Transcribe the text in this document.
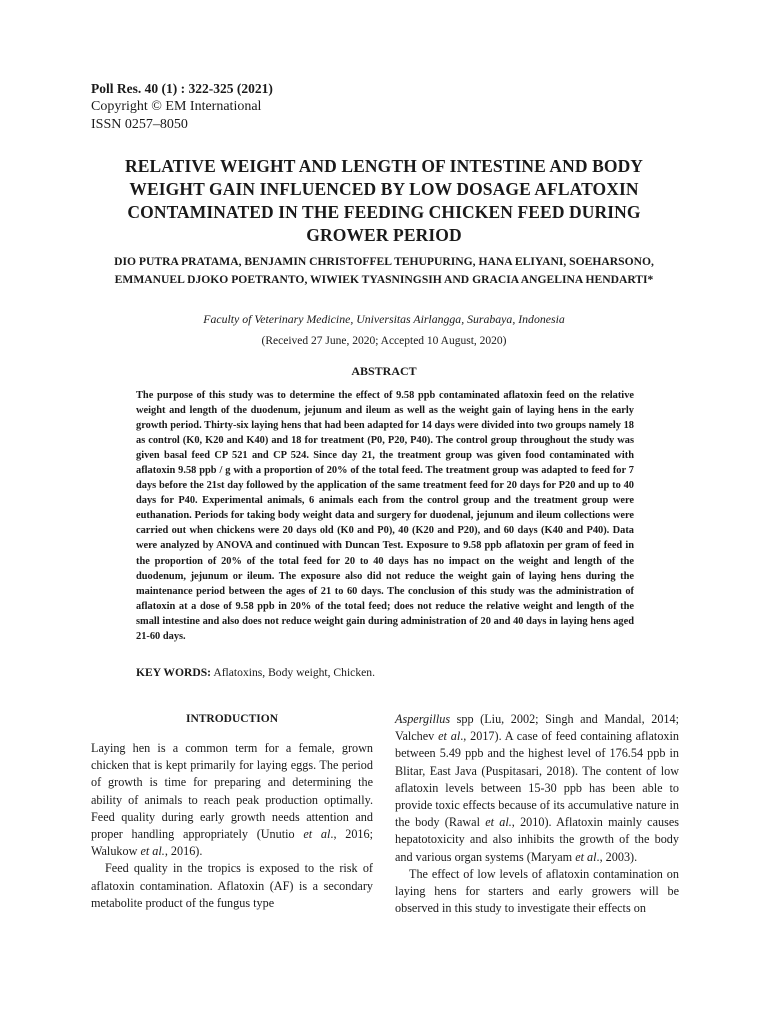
Poll Res. 40 (1) : 322-325 (2021)
Copyright © EM International
ISSN 0257–8050
RELATIVE WEIGHT AND LENGTH OF INTESTINE AND BODY WEIGHT GAIN INFLUENCED BY LOW DOSAGE AFLATOXIN CONTAMINATED IN THE FEEDING CHICKEN FEED DURING GROWER PERIOD
DIO PUTRA PRATAMA, BENJAMIN CHRISTOFFEL TEHUPURING, HANA ELIYANI, SOEHARSONO, EMMANUEL DJOKO POETRANTO, WIWIEK TYASNINGSIH AND GRACIA ANGELINA HENDARTI*
Faculty of Veterinary Medicine, Universitas Airlangga, Surabaya, Indonesia
(Received 27 June, 2020; Accepted 10 August, 2020)
ABSTRACT
The purpose of this study was to determine the effect of 9.58 ppb contaminated aflatoxin feed on the relative weight and length of the duodenum, jejunum and ileum as well as the weight gain of laying hens in the early growth period. Thirty-six laying hens that had been adapted for 14 days were divided into two groups namely 18 as control (K0, K20 and K40) and 18 for treatment (P0, P20, P40). The control group throughout the study was given basal feed CP 521 and CP 524. Since day 21, the treatment group was given food contaminated with aflatoxin 9.58 ppb / g with a proportion of 20% of the total feed. The treatment group was adapted to feed for 7 days before the 21st day followed by the application of the same treatment feed for 20 days for P20 and up to 40 days for P40. Experimental animals, 6 animals each from the control group and the treatment group were euthanation. Periods for taking body weight data and surgery for duodenal, jejunum and ileum collections were carried out when chickens were 20 days old (K0 and P0), 40 (K20 and P20), and 60 days (K40 and P40). Data were analyzed by ANOVA and continued with Duncan Test. Exposure to 9.58 ppb aflatoxin per gram of feed in the proportion of 20% of the total feed for 20 to 40 days has no impact on the weight and length of the duodenum, jejunum or ileum. The exposure also did not reduce the weight gain of laying hens during the maintenance period between the ages of 21 to 60 days. The conclusion of this study was the administration of aflatoxin at a dose of 9.58 ppb in 20% of the total feed; does not reduce the relative weight and length of the small intestine and also does not reduce weight gain during administration of 20 and 40 days in laying hens aged 21-60 days.
KEY WORDS: Aflatoxins, Body weight, Chicken.
INTRODUCTION

Laying hen is a common term for a female, grown chicken that is kept primarily for laying eggs. The period of growth is time for preparing and determining the ability of animals to reach peak production optimally. Feed quality during early growth needs attention and proper handling appropriately (Unutio et al., 2016; Walukow et al., 2016).

Feed quality in the tropics is exposed to the risk of aflatoxin contamination. Aflatoxin (AF) is a secondary metabolite product of the fungus type

Aspergillus spp (Liu, 2002; Singh and Mandal, 2014; Valchev et al., 2017). A case of feed containing aflatoxin between 5.49 ppb and the highest level of 176.54 ppb in Blitar, East Java (Puspitasari, 2018). The content of low aflatoxin levels between 15-30 ppb has been able to provide toxic effects because of its accumulative nature in the body (Rawal et al., 2010). Aflatoxin mainly causes hepatotoxicity and also inhibits the growth of the body and various organ systems (Maryam et al., 2003).

The effect of low levels of aflatoxin contamination on laying hens for starters and early growers will be observed in this study to investigate their effects on
